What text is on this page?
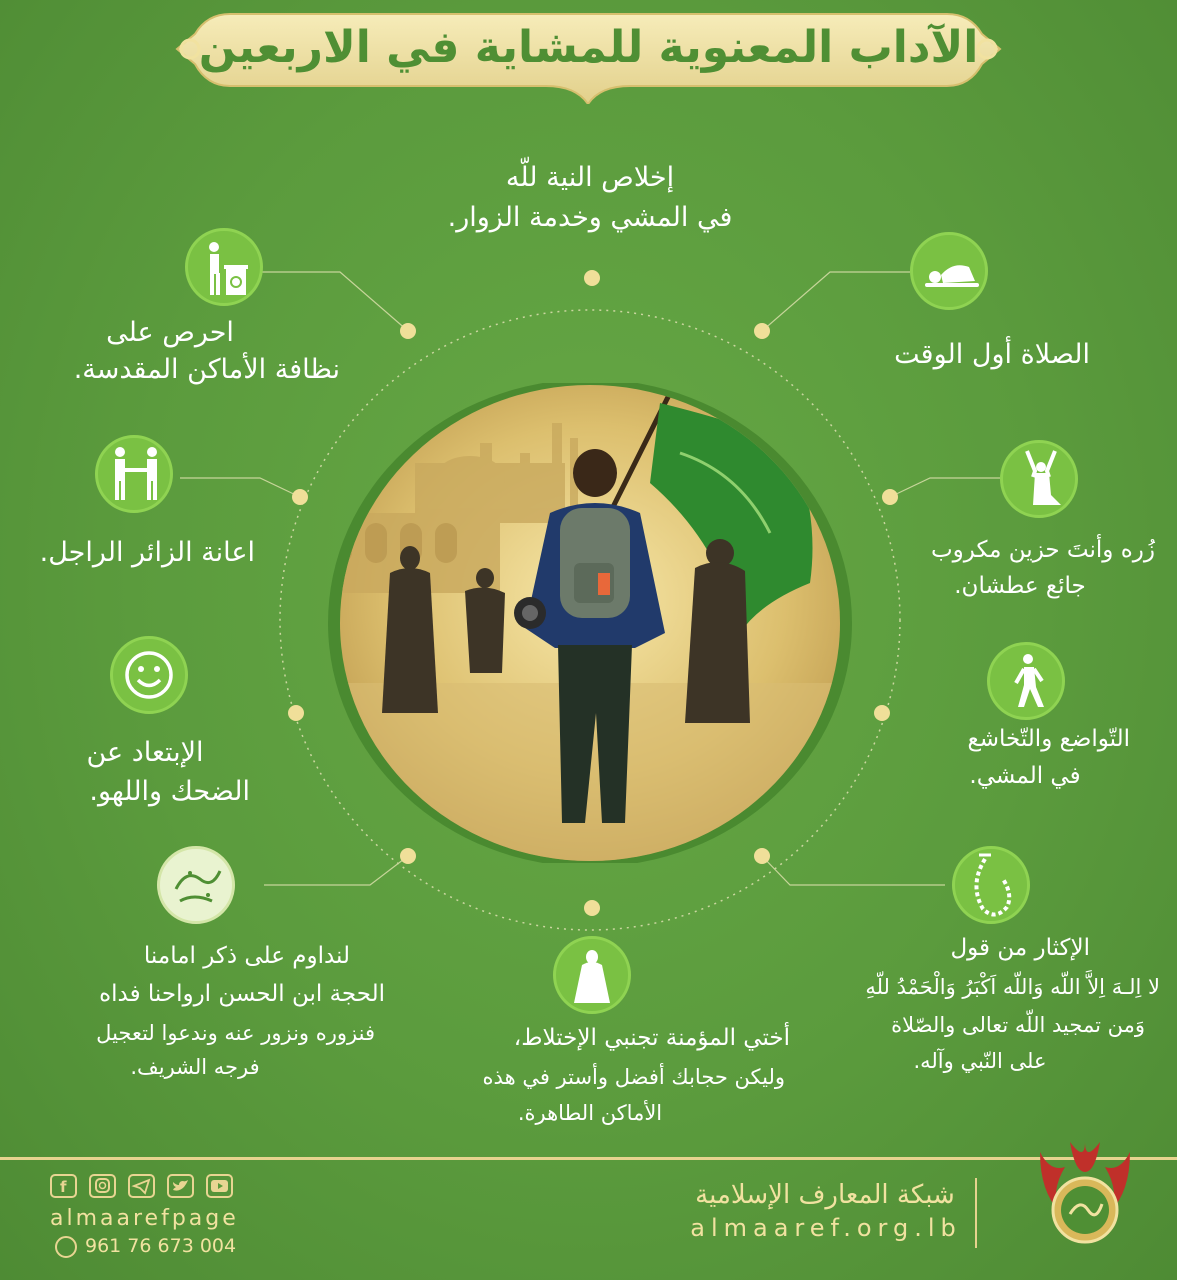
الآداب المعنوية للمشاية في الاربعين
إخلاص النية للّه
في المشي وخدمة الزوار.
احرص على
نظافة الأماكن المقدسة.	الصلاة أول الوقت
اعانة الزائر الراجل.	زُره وأنتَ حزين مكروب
جائع عطشان.
الإبتعاد عن
الضحك واللهو.
التّواضع والتّخاشع
في المشي.
لنداوم على ذكر امامنا
الحجة ابن الحسن ارواحنا فداه
فنزوره ونزور عنه وندعوا لتعجيل
فرجه الشريف.
الإكثار من قول
لا اِلـهَ اِلاَّ اللّه وَاللّه اَكْبَرُ وَالْحَمْدُ للّهِ
وَمن تمجيد اللّه تعالى والصّلاة
على النّبي وآله.
أختي المؤمنة تجنبي الإختلاط،
وليكن حجابك أفضل وأستر في هذه
الأماكن الطاهرة.
f

almaarefpage
961 76 673 004
شبكة المعارف الإسلامية
almaaref.org.lb
